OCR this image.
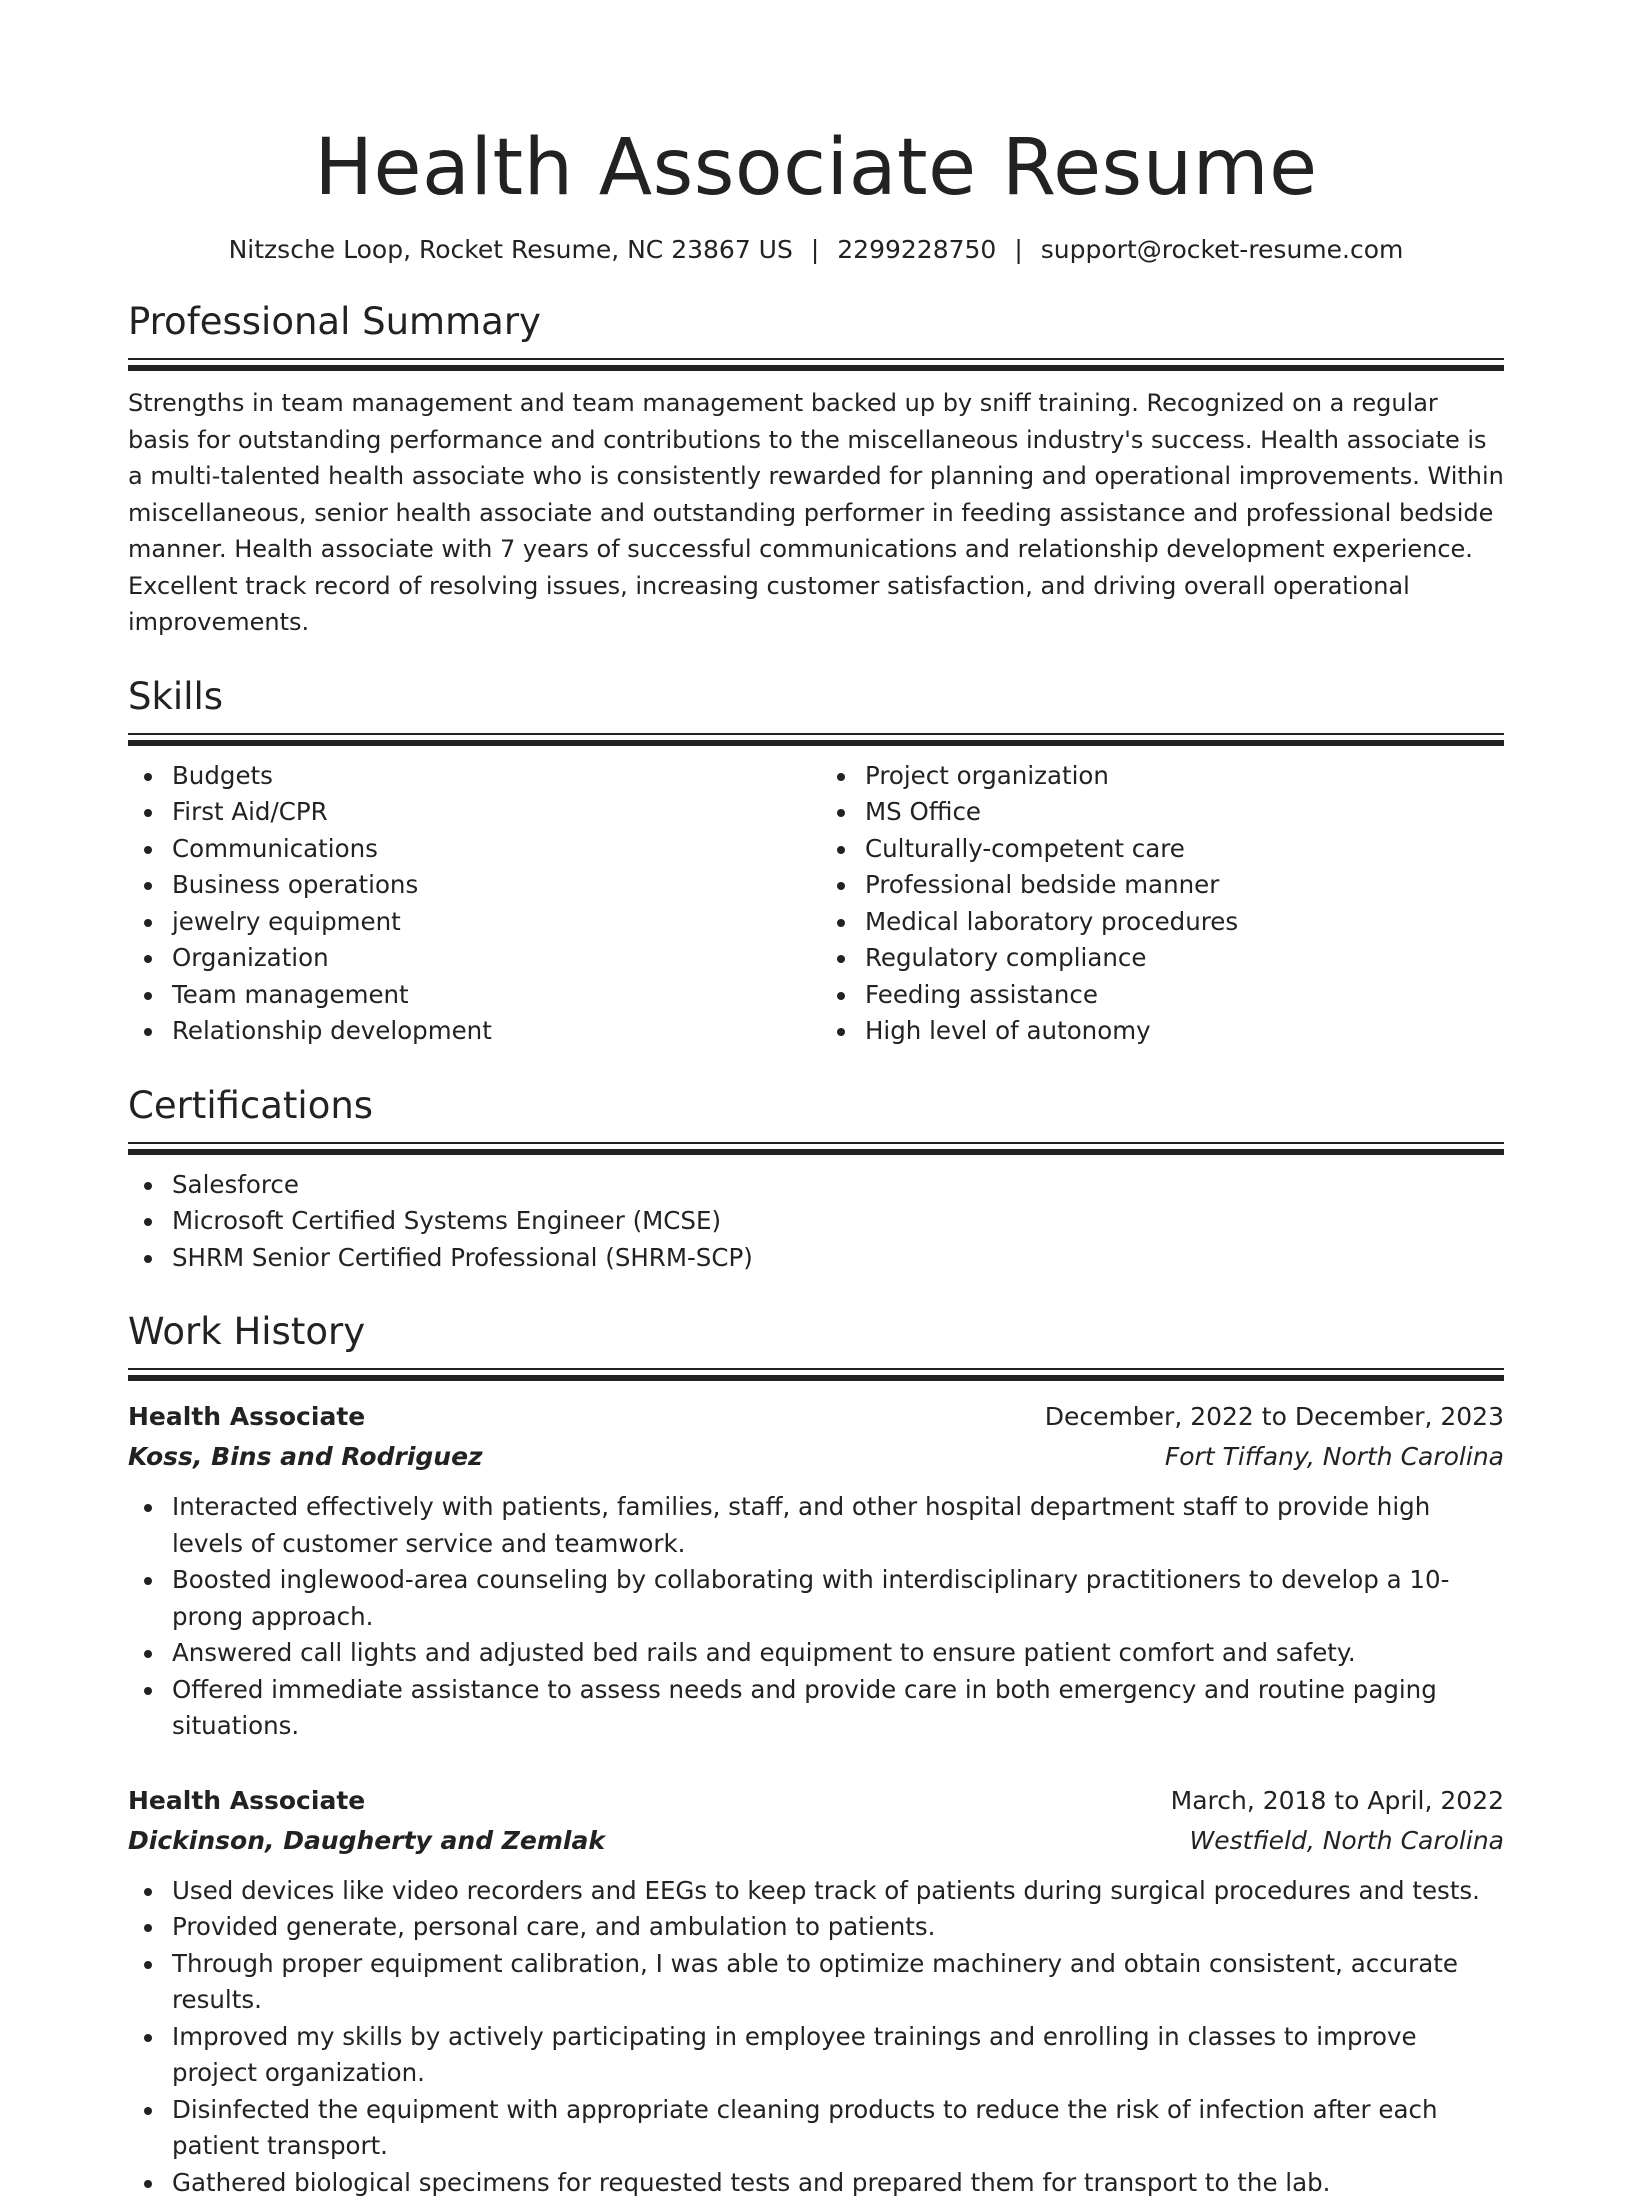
Health Associate Resume
Nitzsche Loop, Rocket Resume, NC 23867 US | 2299228750 | support@rocket-resume.com
Professional Summary

Strengths in team management and team management backed up by sniff training. Recognized on a regular basis for outstanding performance and contributions to the miscellaneous industry's success. Health associate is a multi-talented health associate who is consistently rewarded for planning and operational improvements. Within miscellaneous, senior health associate and outstanding performer in feeding assistance and professional bedside manner. Health associate with 7 years of successful communications and relationship development experience. Excellent track record of resolving issues, increasing customer satisfaction, and driving overall operational improvements.

Skills
Budgets
First Aid/CPR
Communications
Business operations
jewelry equipment
Organization
Team management
Relationship development
Project organization
MS Office
Culturally-competent care
Professional bedside manner
Medical laboratory procedures
Regulatory compliance
Feeding assistance
High level of autonomy
Certifications
Salesforce
Microsoft Certified Systems Engineer (MCSE)
SHRM Senior Certified Professional (SHRM-SCP)
Work History
Health Associate	December, 2022 to December, 2023
Koss, Bins and Rodriguez	Fort Tiffany, North Carolina
Interacted effectively with patients, families, staff, and other hospital department staff to provide high levels of customer service and teamwork.
Boosted inglewood-area counseling by collaborating with interdisciplinary practitioners to develop a 10-prong approach.
Answered call lights and adjusted bed rails and equipment to ensure patient comfort and safety.
Offered immediate assistance to assess needs and provide care in both emergency and routine paging situations.
Health Associate	March, 2018 to April, 2022
Dickinson, Daugherty and Zemlak	Westfield, North Carolina
Used devices like video recorders and EEGs to keep track of patients during surgical procedures and tests.
Provided generate, personal care, and ambulation to patients.
Through proper equipment calibration, I was able to optimize machinery and obtain consistent, accurate results.
Improved my skills by actively participating in employee trainings and enrolling in classes to improve project organization.
Disinfected the equipment with appropriate cleaning products to reduce the risk of infection after each patient transport.
Gathered biological specimens for requested tests and prepared them for transport to the lab.
